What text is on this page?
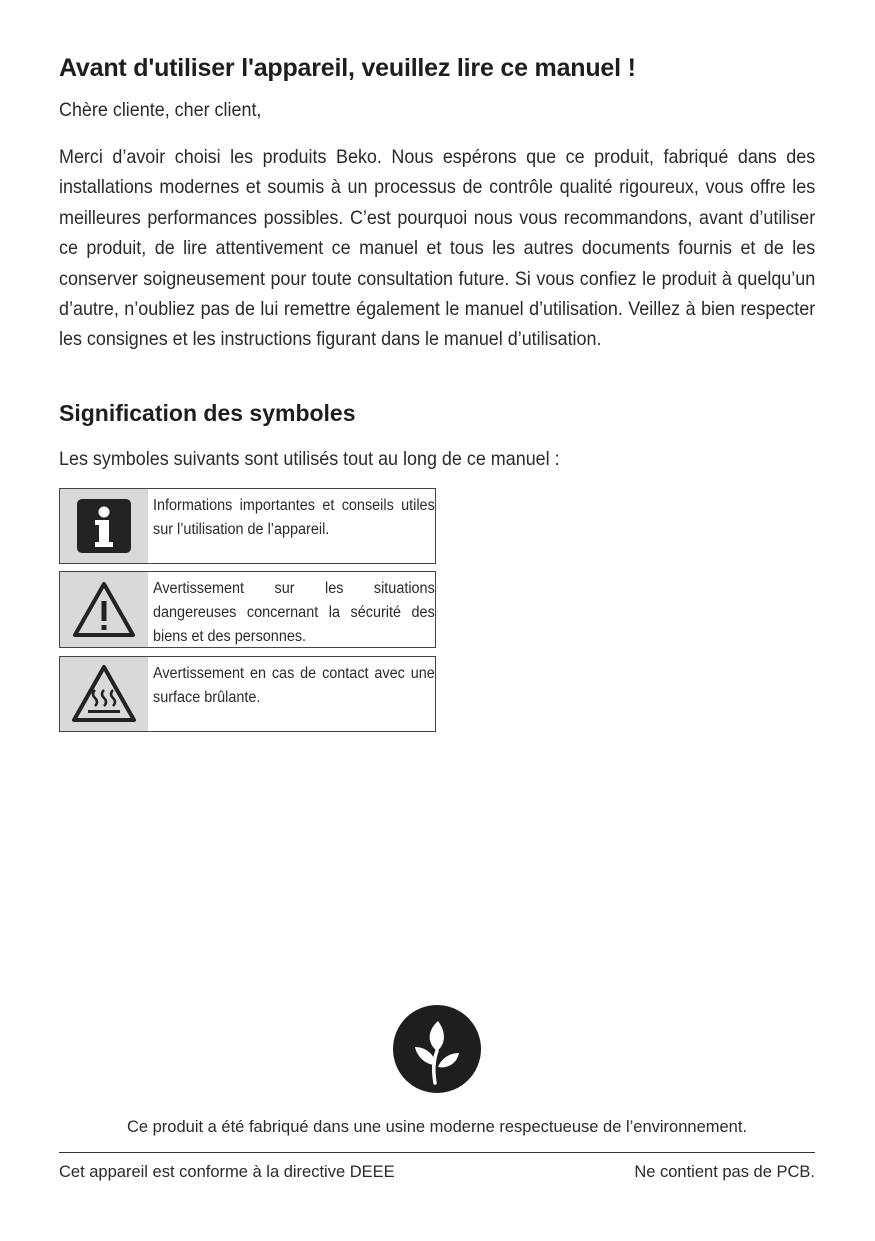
Avant d'utiliser l'appareil, veuillez lire ce manuel !

Chère cliente, cher client,

Merci d’avoir choisi les produits Beko. Nous espérons que ce produit, fabriqué dans des installations modernes et soumis à un processus de contrôle qualité rigoureux, vous offre les meilleures performances possibles. C’est pourquoi nous vous recommandons, avant d’utiliser ce produit, de lire attentivement ce manuel et tous les autres documents fournis et de les conserver soigneusement pour toute consultation future. Si vous confiez le produit à quelqu’un d’autre, n’oubliez pas de lui remettre également le manuel d’utilisation. Veillez à bien respecter les consignes et les instructions figurant dans le manuel d’utilisation.

Signification des symboles

Les symboles suivants sont utilisés tout au long de ce manuel :

Informations importantes et conseils utiles sur l’utilisation de l’appareil.
Avertissement sur les situations dangereuses concernant la sécurité des biens et des personnes.
Avertissement en cas de contact avec une surface brûlante.

Ce produit a été fabriqué dans une usine moderne respectueuse de l’environnement.

Cet appareil est conforme à la directive DEEE	Ne contient pas de PCB.
